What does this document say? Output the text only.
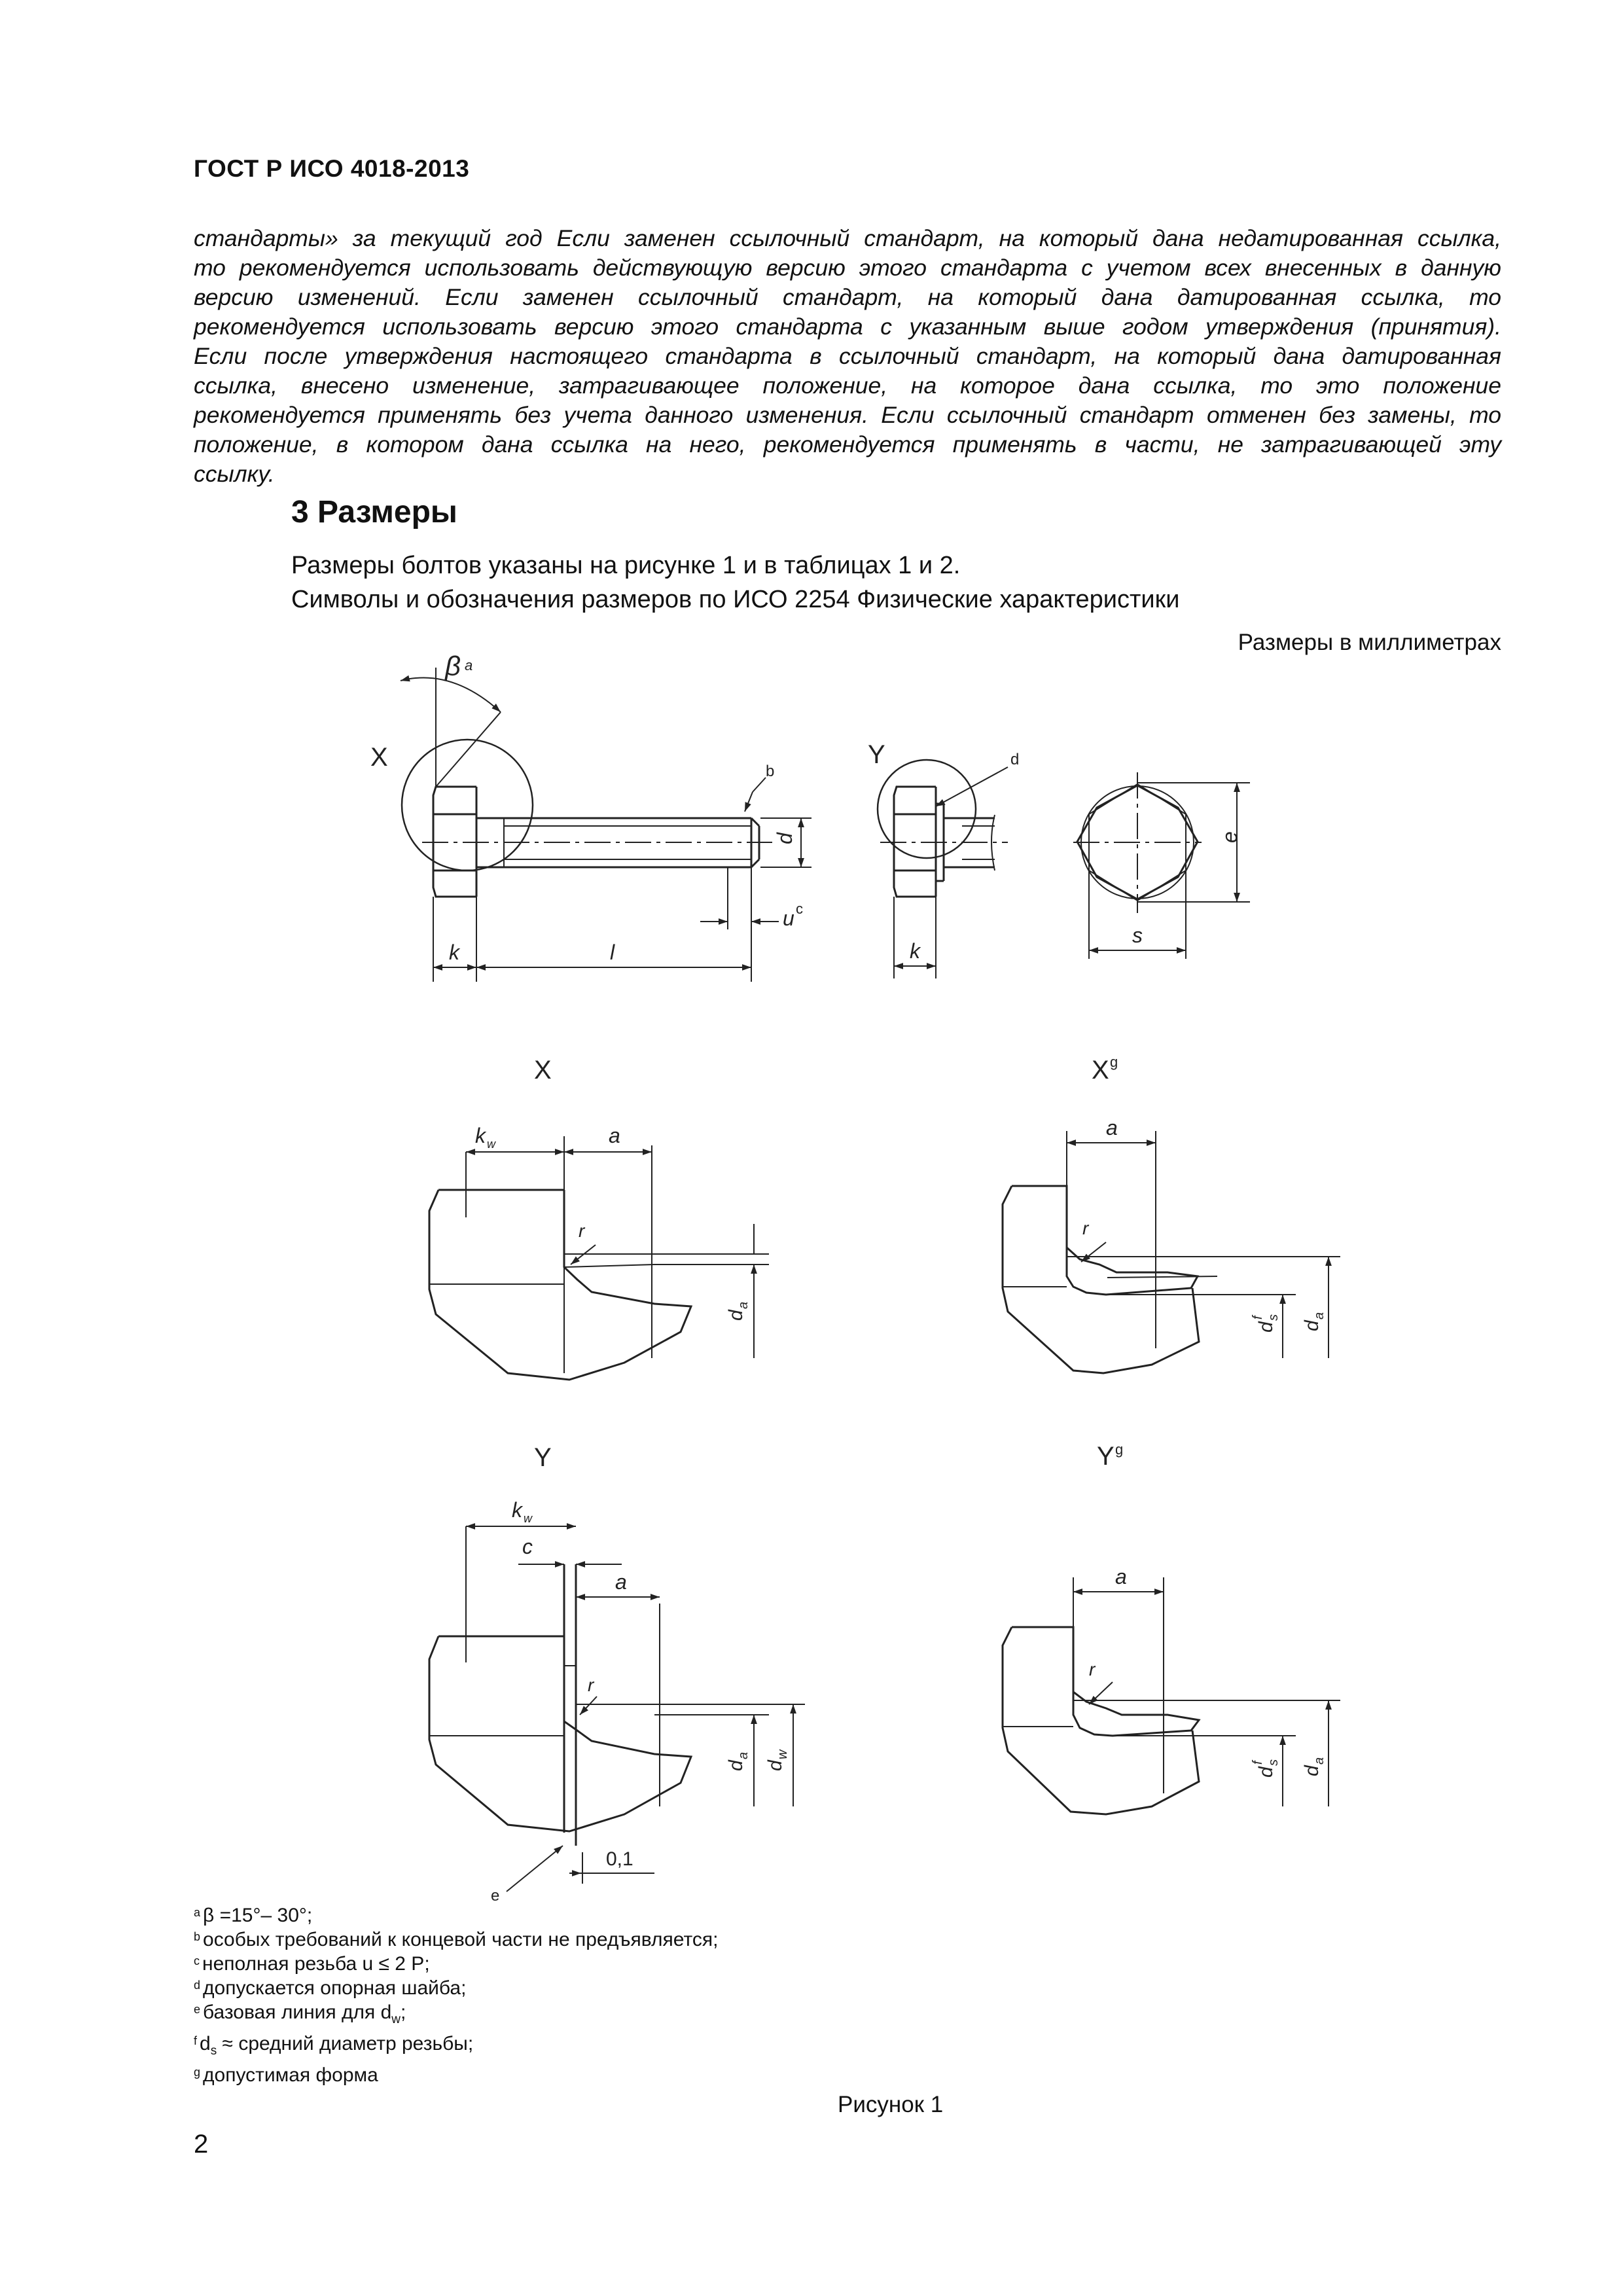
ГОСТ Р ИСО 4018-2013
стандарты» за текущий год Если заменен ссылочный стандарт, на который дана недатированная ссылка,
то рекомендуется использовать действующую версию этого стандарта с учетом всех внесенных в данную
версию изменений. Если заменен ссылочный стандарт, на который дана датированная ссылка, то
рекомендуется использовать версию этого стандарта с указанным выше годом утверждения (принятия).
Если после утверждения настоящего стандарта в ссылочный стандарт, на который дана датированная
ссылка, внесено изменение, затрагивающее положение, на которое дана ссылка, то это положение
рекомендуется применять без учета данного изменения. Если ссылочный стандарт отменен без замены, то
положение, в котором дана ссылка на него, рекомендуется применять в части, не затрагивающей эту
ссылку.
3 Размеры
Размеры болтов указаны на рисунке 1 и в таблицах 1 и 2.
Символы и обозначения размеров по ИСО 2254 Физические характеристики
Размеры в миллиметрах
β a
b
d
d	e
s
k	k
l
u c
X	Y
X	X g
Y	Y g
0,1
e
k w	a
r
d
a
a
r
d
s
f
d
a
k w
c
a
r
d
a
d
w
a
r
d
s
f
d
a
$^a$ β =15°– 30°;
$^b$ особых требований к концевой части не предъявляется;
$^c$ неполная резьба u ≤ 2 P;
$^d$ допускается опорная шайба;
$^e$ базовая линия для $d_w$;
$^f$ $d_s$ ≈ средний диаметр резьбы;
$^g$ допустимая форма
Рисунок 1
2
